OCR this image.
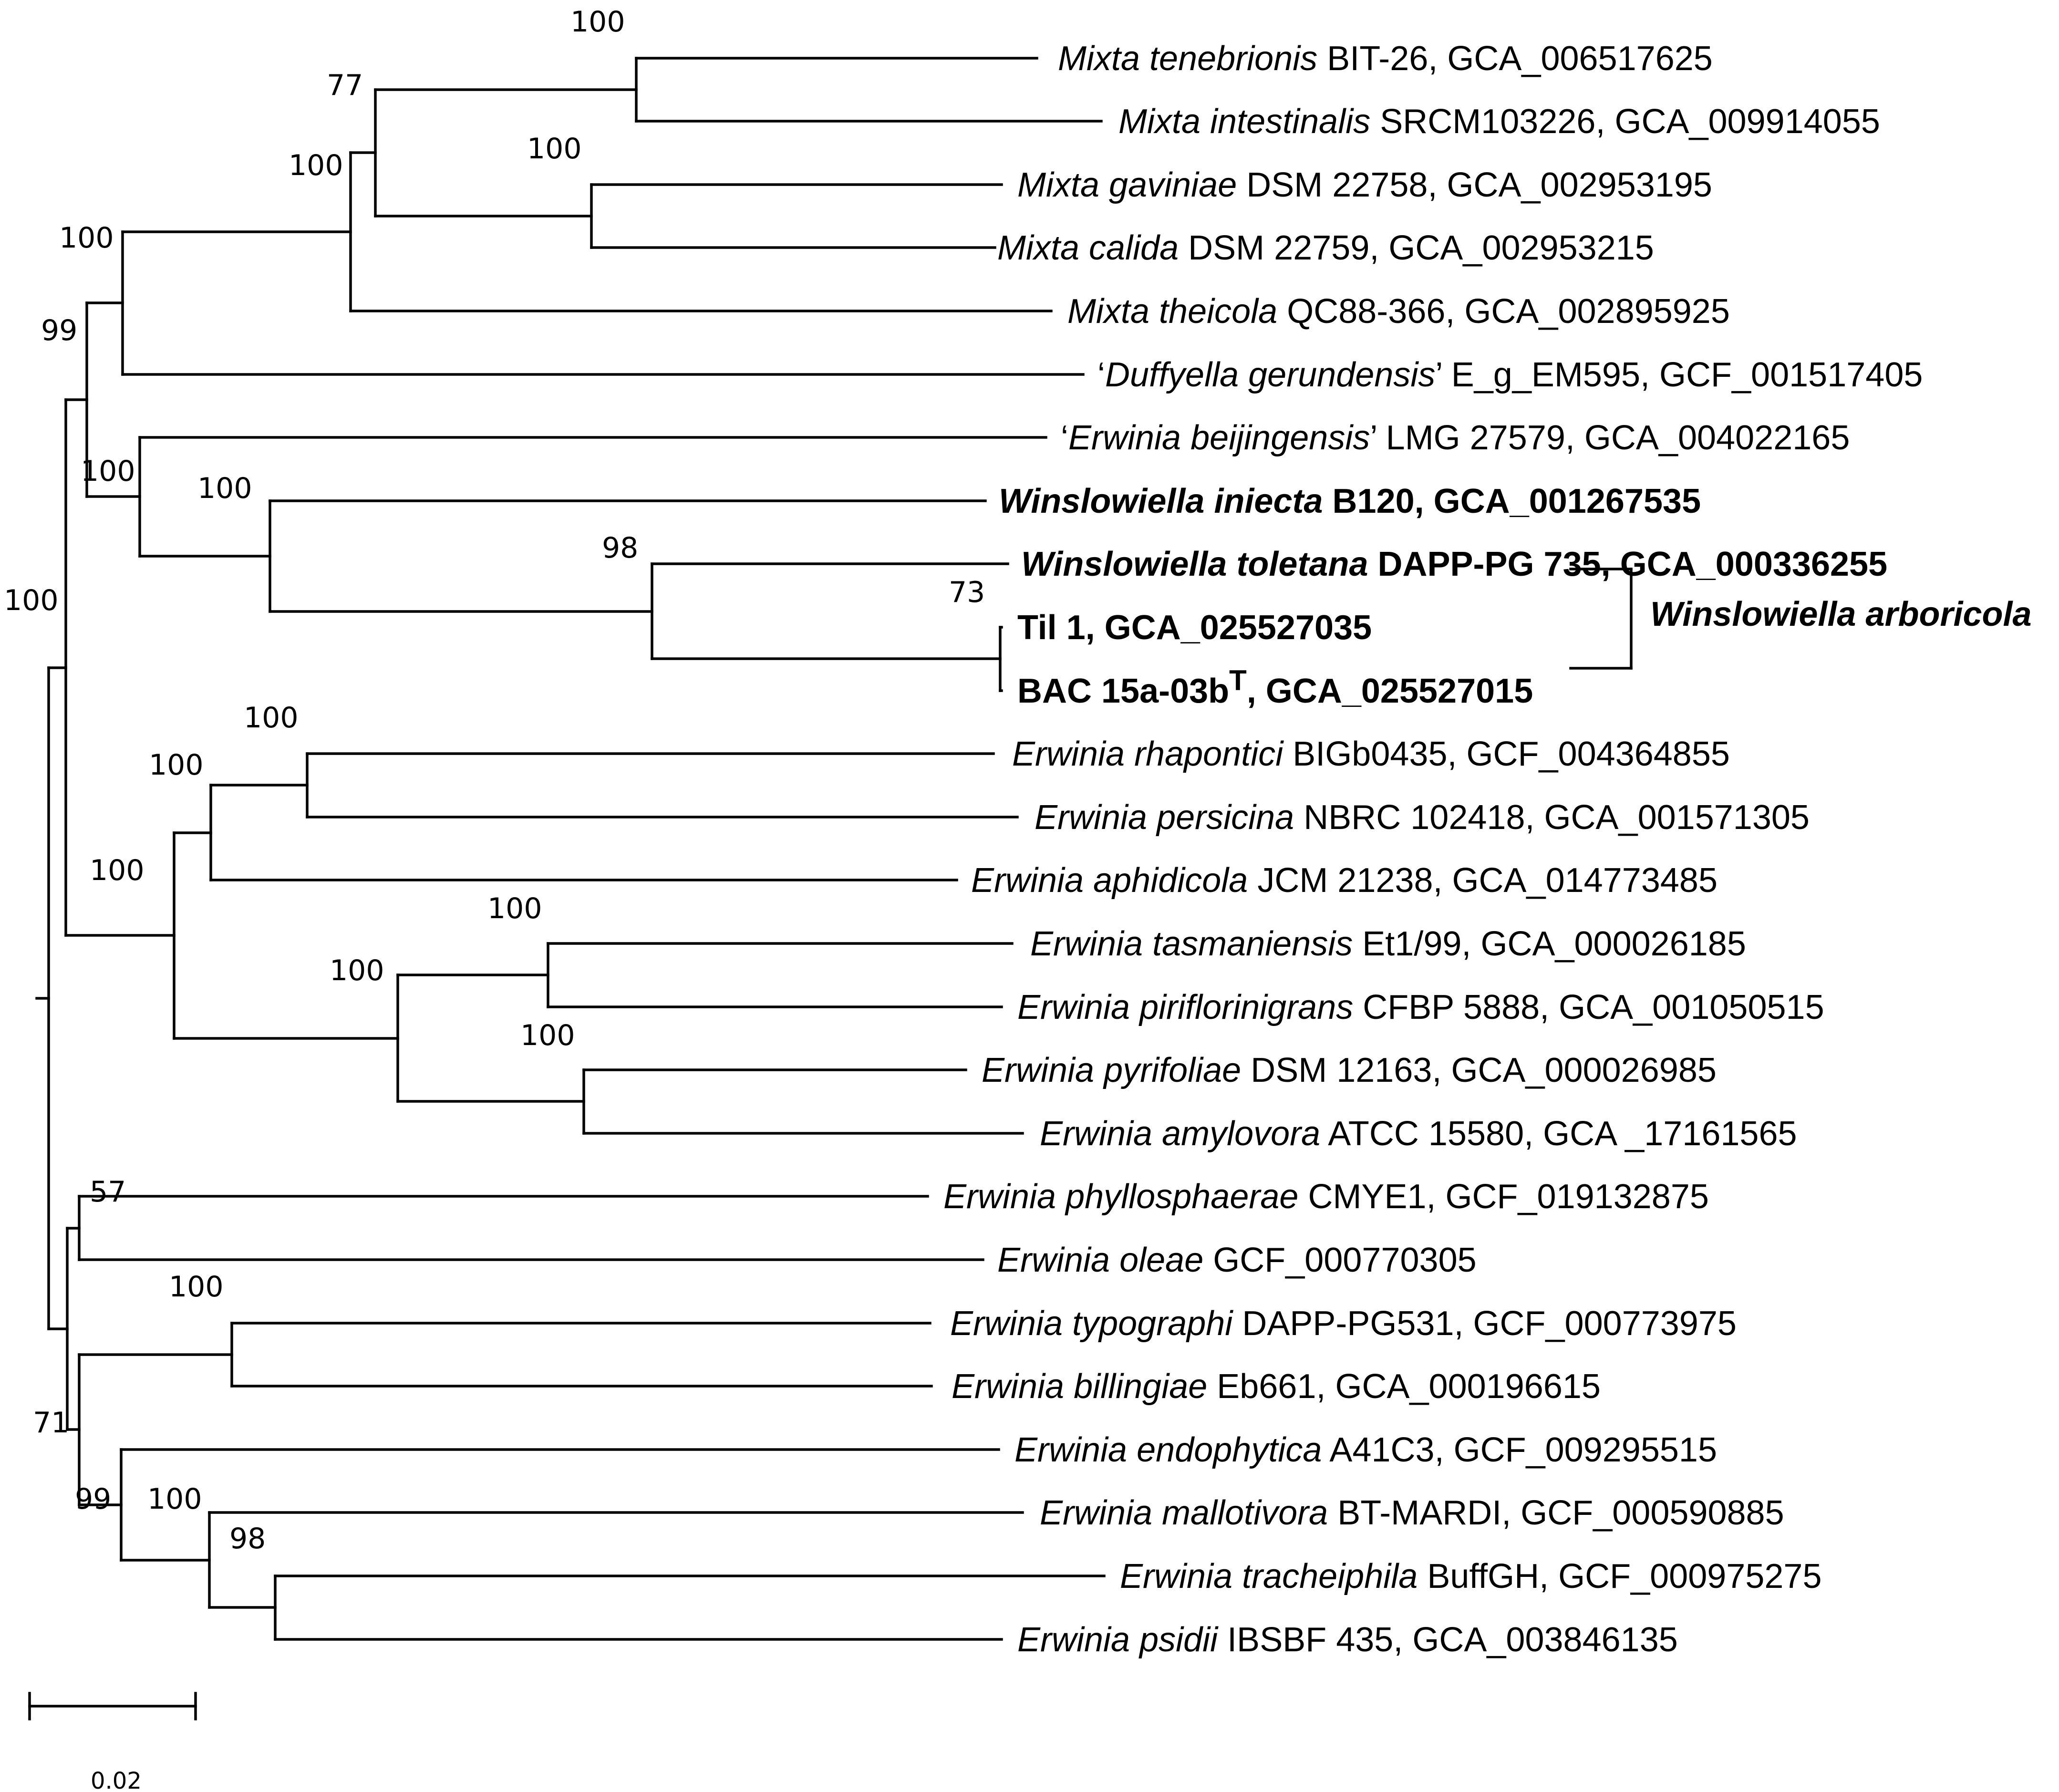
100
77
100
100
100
99
100
100
98
73
100
100
100
100
100
100
100
57
100
71
99 100
98
Mixta tenebrionis BIT-26, GCA_006517625
Mixta intestinalis SRCM103226, GCA_009914055
Mixta gaviniae DSM 22758, GCA_002953195
Mixta calida DSM 22759, GCA_002953215
Mixta theicola QC88-366, GCA_002895925
‘Duffyella gerundensis’ E_g_EM595, GCF_001517405
‘Erwinia beijingensis’ LMG 27579, GCA_004022165
Winslowiella iniecta B120, GCA_001267535
Winslowiella toletana DAPP-PG 735, GCA_000336255
Til 1, GCA_025527035
BAC $15a-03b^T$, GCA_025527015
Erwinia rhapontici BIGb0435, GCF_004364855
Erwinia persicina NBRC 102418, GCA_001571305
Erwinia aphidicola JCM 21238, GCA_014773485
Erwinia tasmaniensis Et1/99, GCA_000026185
Erwinia piriflorinigrans CFBP 5888, GCA_001050515
Erwinia pyrifoliae DSM 12163, GCA_000026985
Erwinia amylovora ATCC 15580, GCA _17161565
Erwinia phyllosphaerae CMYE1, GCF_019132875
Erwinia oleae GCF_000770305
Erwinia typographi DAPP-PG531, GCF_000773975
Erwinia billingiae Eb661, GCA_000196615
Erwinia endophytica A41C3, GCF_009295515
Erwinia mallotivora BT-MARDI, GCF_000590885
Erwinia tracheiphila BuffGH, GCF_000975275
Erwinia psidii IBSBF 435, GCA_003846135
Winslowiella arboricola
0.02
